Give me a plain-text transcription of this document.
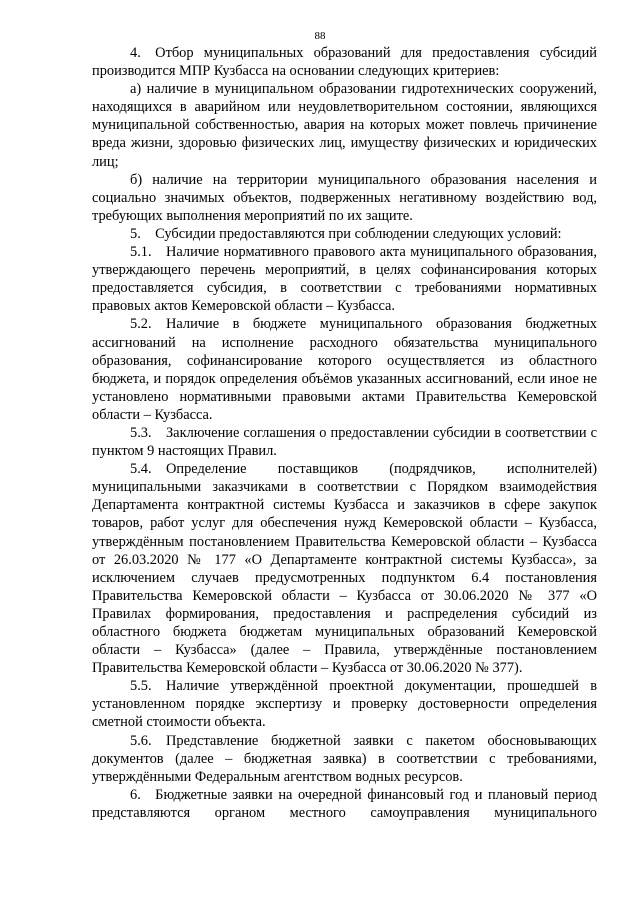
88

4. Отбор муниципальных образований для предоставления субсидий производится МПР Кузбасса на основании следующих критериев:

а) наличие в муниципальном образовании гидротехнических сооружений, находящихся в аварийном или неудовлетворительном состоянии, являющихся муниципальной собственностью, авария на которых может повлечь причинение вреда жизни, здоровью физических лиц, имуществу физических и юридических лиц;

б) наличие на территории муниципального образования населения и социально значимых объектов, подверженных негативному воздействию вод, требующих выполнения мероприятий по их защите.

5. Субсидии предоставляются при соблюдении следующих условий:

5.1. Наличие нормативного правового акта муниципального образования, утверждающего перечень мероприятий, в целях софинансирования которых предоставляется субсидия, в соответствии с требованиями нормативных правовых актов Кемеровской области – Кузбасса.

5.2. Наличие в бюджете муниципального образования бюджетных ассигнований на исполнение расходного обязательства муниципального образования, софинансирование которого осуществляется из областного бюджета, и порядок определения объёмов указанных ассигнований, если иное не установлено нормативными правовыми актами Правительства Кемеровской области – Кузбасса.

5.3. Заключение соглашения о предоставлении субсидии в соответствии с пунктом 9 настоящих Правил.

5.4. Определение поставщиков (подрядчиков, исполнителей) муниципальными заказчиками в соответствии с Порядком взаимодействия Департамента контрактной системы Кузбасса и заказчиков в сфере закупок товаров, работ услуг для обеспечения нужд Кемеровской области – Кузбасса, утверждённым постановлением Правительства Кемеровской области – Кузбасса от 26.03.2020 № 177 «О Департаменте контрактной системы Кузбасса», за исключением случаев предусмотренных подпунктом 6.4 постановления Правительства Кемеровской области – Кузбасса от 30.06.2020 № 377 «О Правилах формирования, предоставления и распределения субсидий из областного бюджета бюджетам муниципальных образований Кемеровской области – Кузбасса» (далее – Правила, утверждённые постановлением Правительства Кемеровской области – Кузбасса от 30.06.2020 № 377).

5.5. Наличие утверждённой проектной документации, прошедшей в установленном порядке экспертизу и проверку достоверности определения сметной стоимости объекта.

5.6. Представление бюджетной заявки с пакетом обосновывающих документов (далее – бюджетная заявка) в соответствии с требованиями, утверждёнными Федеральным агентством водных ресурсов.

6. Бюджетные заявки на очередной финансовый год и плановый период представляются органом местного самоуправления муниципального
